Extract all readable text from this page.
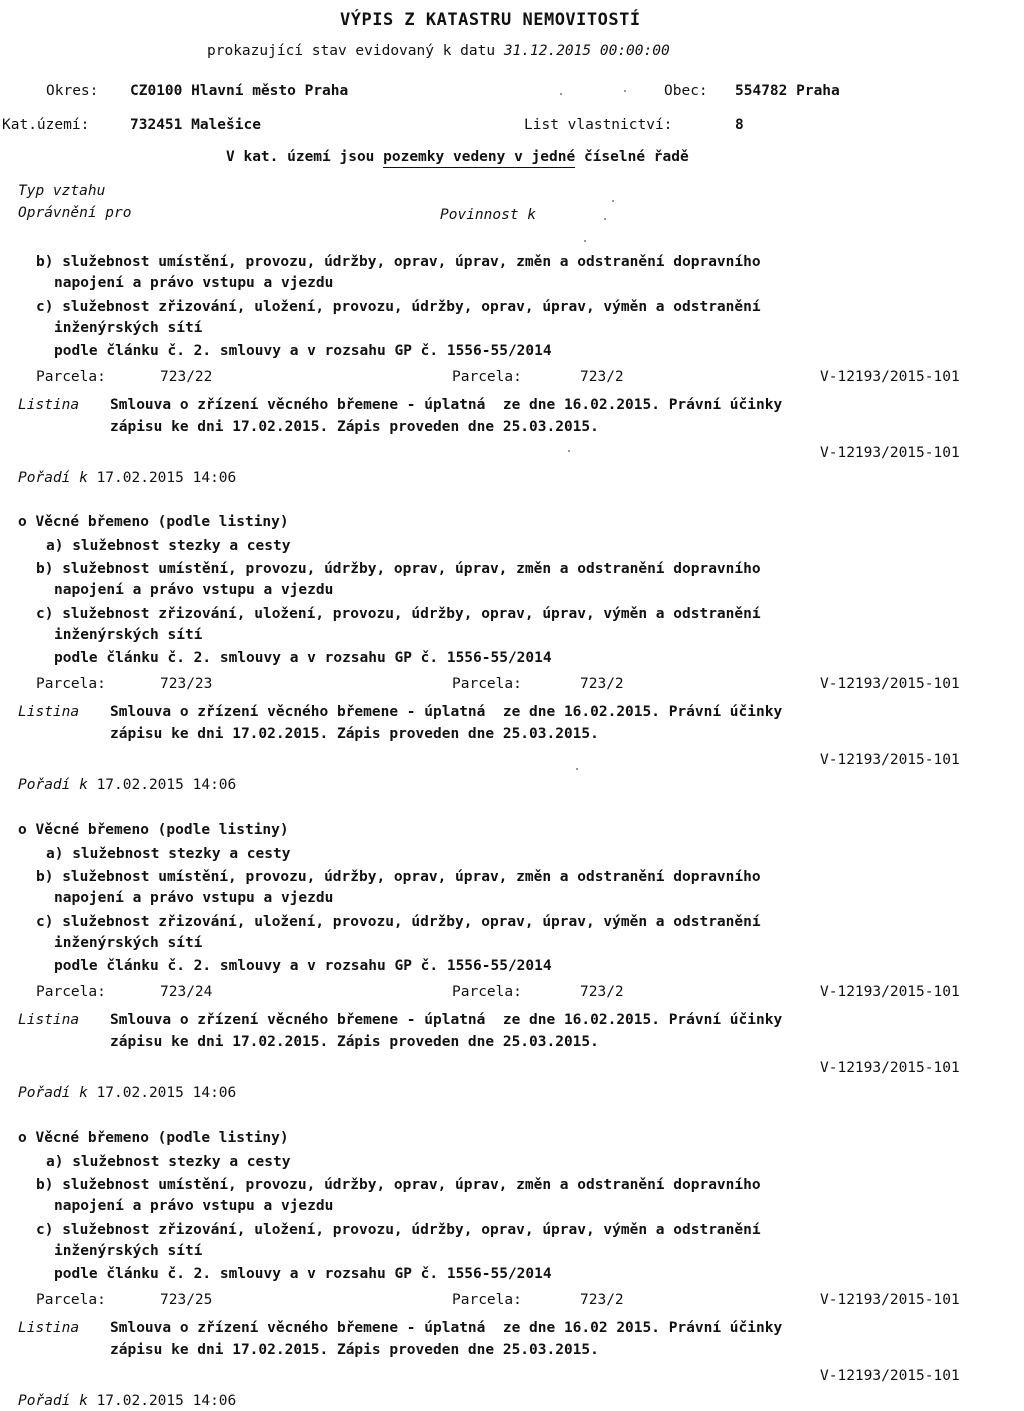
VÝPIS Z KATASTRU NEMOVITOSTÍ
prokazující stav evidovaný k datu 31.12.2015 00:00:00
Okres: CZ0100 Hlavní město Praha	Obec: 554782 Praha
Kat.území:	732451 Malešice	List vlastnictví:	8
V kat. území jsou pozemky vedeny v jedné číselné řadě
Typ vztahu
Oprávnění pro	Povinnost k
b) služebnost umístění, provozu, údržby, oprav, úprav, změn a odstranění dopravního
napojení a právo vstupu a vjezdu
c) služebnost zřizování, uložení, provozu, údržby, oprav, úprav, výměn a odstranění
inženýrských sítí
podle článku č. 2. smlouvy a v rozsahu GP č. 1556-55/2014
Parcela:	723/22	Parcela:	723/2	V-12193/2015-101
Listina Smlouva o zřízení věcného břemene - úplatná  ze dne 16.02.2015. Právní účinky
zápisu ke dni 17.02.2015. Zápis proveden dne 25.03.2015.
V-12193/2015-101
Pořadí k 17.02.2015 14:06
o Věcné břemeno (podle listiny)
a) služebnost stezky a cesty
b) služebnost umístění, provozu, údržby, oprav, úprav, změn a odstranění dopravního
napojení a právo vstupu a vjezdu
c) služebnost zřizování, uložení, provozu, údržby, oprav, úprav, výměn a odstranění
inženýrských sítí
podle článku č. 2. smlouvy a v rozsahu GP č. 1556-55/2014
Parcela:	723/23	Parcela:	723/2	V-12193/2015-101
Listina Smlouva o zřízení věcného břemene - úplatná  ze dne 16.02.2015. Právní účinky
zápisu ke dni 17.02.2015. Zápis proveden dne 25.03.2015.
V-12193/2015-101
Pořadí k 17.02.2015 14:06
o Věcné břemeno (podle listiny)
a) služebnost stezky a cesty
b) služebnost umístění, provozu, údržby, oprav, úprav, změn a odstranění dopravního
napojení a právo vstupu a vjezdu
c) služebnost zřizování, uložení, provozu, údržby, oprav, úprav, výměn a odstranění
inženýrských sítí
podle článku č. 2. smlouvy a v rozsahu GP č. 1556-55/2014
Parcela:	723/24	Parcela:	723/2	V-12193/2015-101
Listina Smlouva o zřízení věcného břemene - úplatná  ze dne 16.02.2015. Právní účinky
zápisu ke dni 17.02.2015. Zápis proveden dne 25.03.2015.
V-12193/2015-101
Pořadí k 17.02.2015 14:06
o Věcné břemeno (podle listiny)
a) služebnost stezky a cesty
b) služebnost umístění, provozu, údržby, oprav, úprav, změn a odstranění dopravního
napojení a právo vstupu a vjezdu
c) služebnost zřizování, uložení, provozu, údržby, oprav, úprav, výměn a odstranění
inženýrských sítí
podle článku č. 2. smlouvy a v rozsahu GP č. 1556-55/2014
Parcela:	723/25	Parcela:	723/2	V-12193/2015-101
Listina Smlouva o zřízení věcného břemene - úplatná  ze dne 16.02 2015. Právní účinky
zápisu ke dni 17.02.2015. Zápis proveden dne 25.03.2015.
V-12193/2015-101
Pořadí k 17.02.2015 14:06
